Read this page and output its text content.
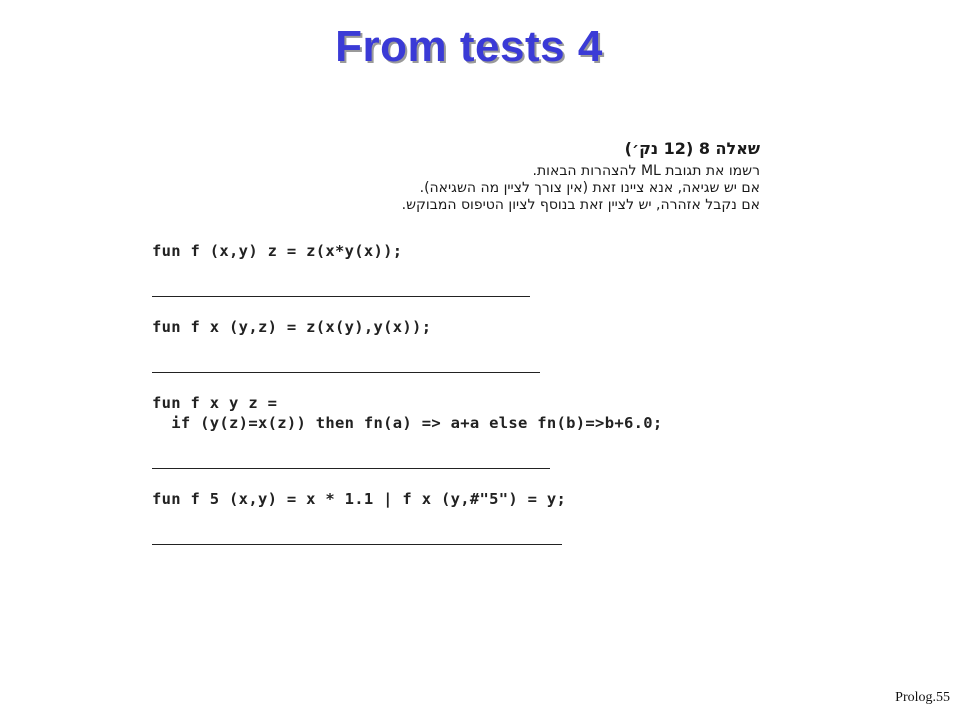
From tests 4
שאלה 8 (12 נק׳)

רשמו את תגובת ML להצהרות הבאות.

אם יש שגיאה, אנא ציינו זאת (אין צורך לציין מה השגיאה).

אם נקבל אזהרה, יש לציין זאת בנוסף לציון הטיפוס המבוקש.

fun f (x,y) z = z(x*y(x));
fun f x (y,z) = z(x(y),y(x));
fun f x y z =
if (y(z)=x(z)) then fn(a) => a+a else fn(b)=>b+6.0;
fun f 5 (x,y) = x * 1.1 | f x (y,#"5") = y;
Prolog.55
